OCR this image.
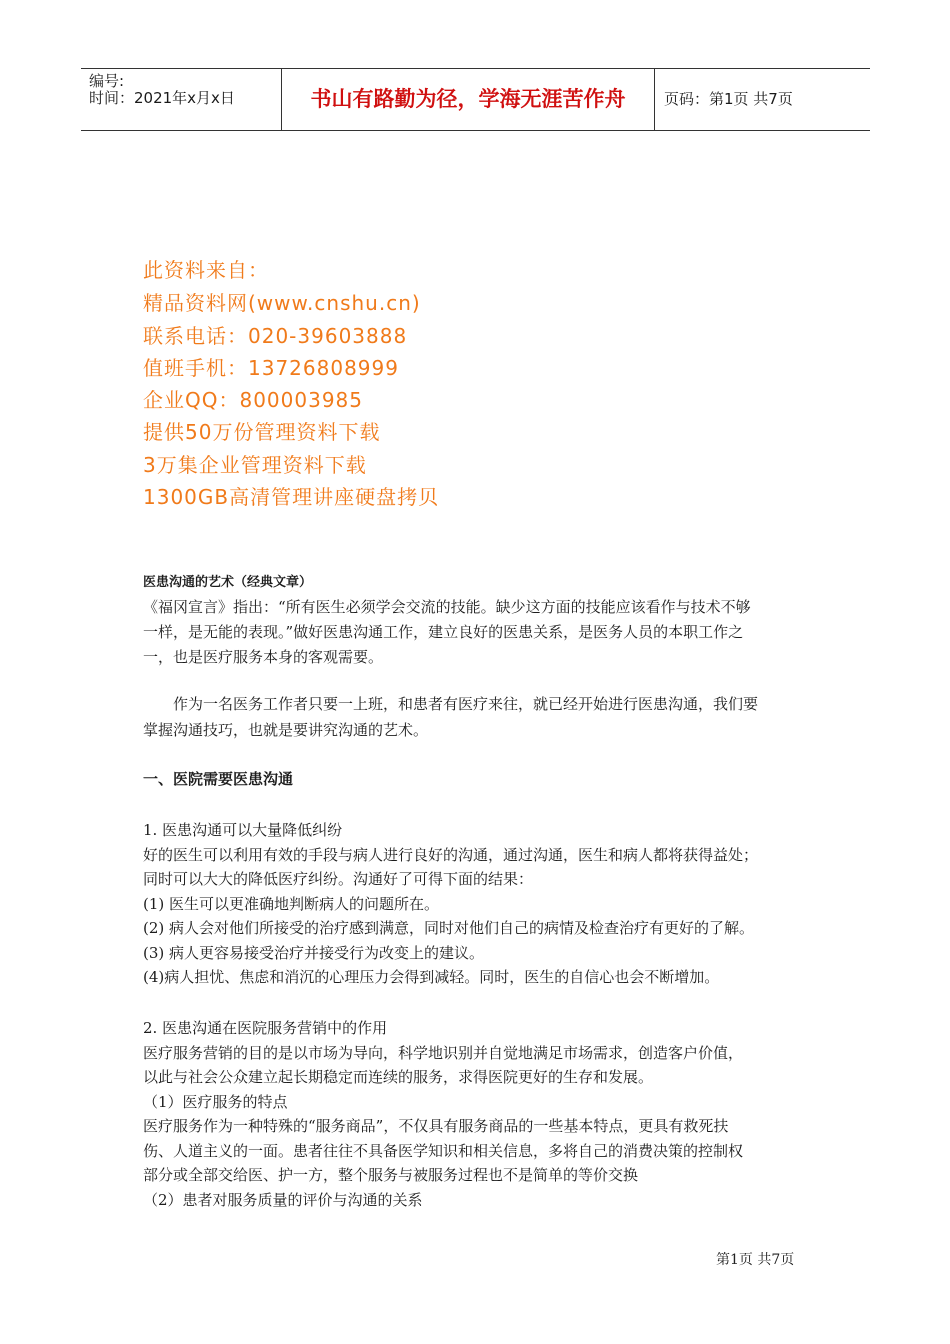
编号:
时间：2021年x月x日	书山有路勤为径，学海无涯苦作舟	页码：第1页 共7页
此资料来自：
精品资料网(www.cnshu.cn)
联系电话：020-39603888
值班手机：13726808999
企业QQ：800003985
提供50万份管理资料下载
3万集企业管理资料下载
1300GB高清管理讲座硬盘拷贝
医患沟通的艺术（经典文章）
《福冈宣言》指出：“所有医生必须学会交流的技能。缺少这方面的技能应该看作与技术不够
一样，是无能的表现。”做好医患沟通工作，建立良好的医患关系，是医务人员的本职工作之
一，也是医疗服务本身的客观需要。
作为一名医务工作者只要一上班，和患者有医疗来往，就已经开始进行医患沟通，我们要
掌握沟通技巧，也就是要讲究沟通的艺术。
一、医院需要医患沟通
1. 医患沟通可以大量降低纠纷
好的医生可以利用有效的手段与病人进行良好的沟通，通过沟通，医生和病人都将获得益处；
同时可以大大的降低医疗纠纷。沟通好了可得下面的结果：
(1) 医生可以更准确地判断病人的问题所在。
(2) 病人会对他们所接受的治疗感到满意，同时对他们自己的病情及检查治疗有更好的了解。
(3) 病人更容易接受治疗并接受行为改变上的建议。
(4)病人担忧、焦虑和消沉的心理压力会得到减轻。同时，医生的自信心也会不断增加。
2. 医患沟通在医院服务营销中的作用
医疗服务营销的目的是以市场为导向，科学地识别并自觉地满足市场需求，创造客户价值，
以此与社会公众建立起长期稳定而连续的服务，求得医院更好的生存和发展。
（1）医疗服务的特点
医疗服务作为一种特殊的“服务商品”，不仅具有服务商品的一些基本特点，更具有救死扶
伤、人道主义的一面。患者往往不具备医学知识和相关信息，多将自己的消费决策的控制权
部分或全部交给医、护一方，整个服务与被服务过程也不是简单的等价交换
（2）患者对服务质量的评价与沟通的关系
第1页 共7页
